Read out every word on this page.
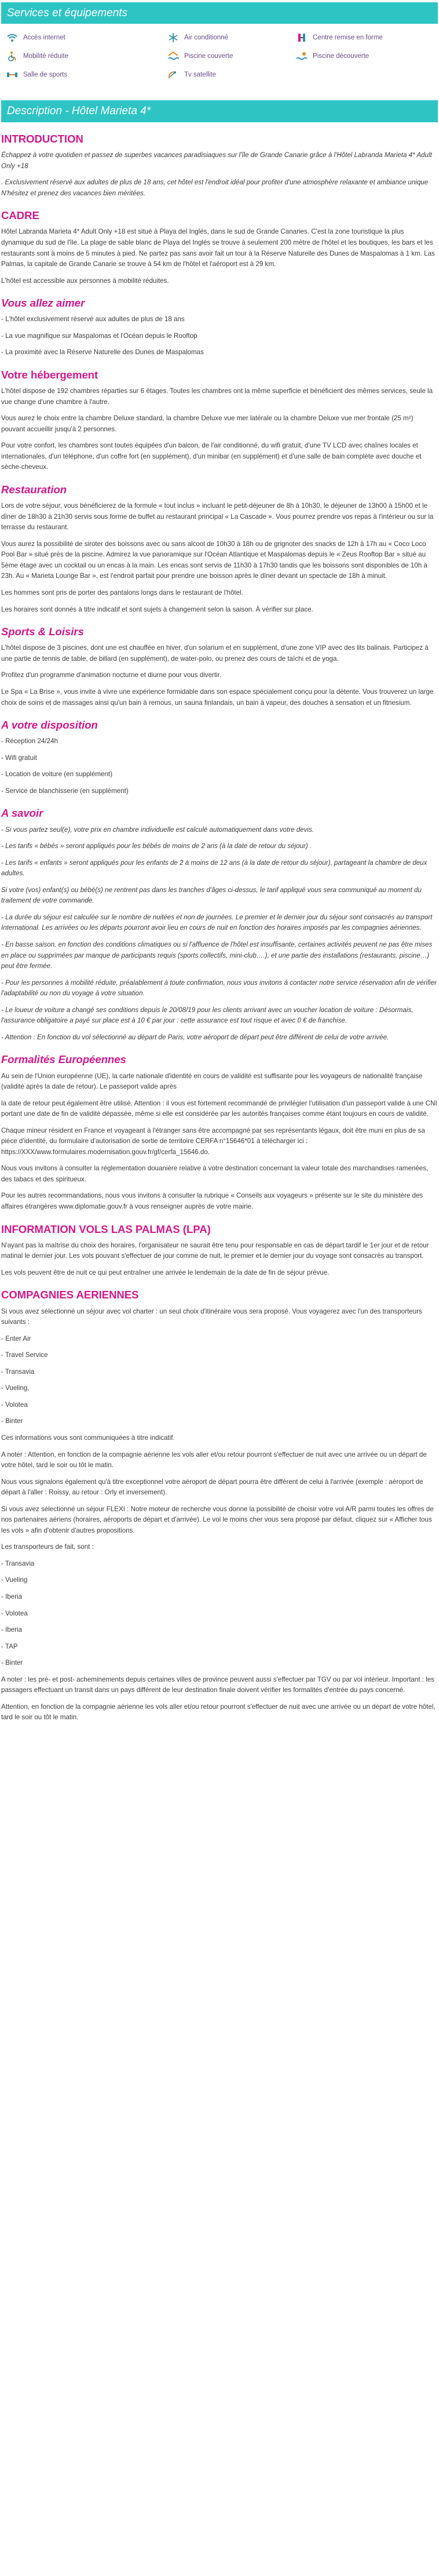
Services et équipements
Accès internet	Air conditionné	Centre remise en forme
Mobilité réduite	Piscine couverte	Piscine découverte
Salle de sports	Tv satellite
Description - Hôtel Marieta 4*
INTRODUCTION

Échappez à votre quotidien et passez de superbes vacances paradisiaques sur l'île de Grande Canarie grâce à l'Hôtel Labranda Marieta 4* Adult Only +18

. Exclusivement réservé aux adultes de plus de 18 ans, cet hôtel est l'endroit idéal pour profiter d'une atmosphère relaxante et ambiance unique N'hésitez et prenez des vacances bien méritées.

CADRE

Hôtel Labranda Marieta 4* Adult Only +18 est situé à Playa del Inglés, dans le sud de Grande Canaries. C'est la zone touristique la plus dynamique du sud de l'île. La plage de sable blanc de Playa del Inglés se trouve à seulement 200 mètre de l'hôtel et les boutiques, les bars et les restaurants sont à moins de 5 minutes à pied. Ne partez pas sans avoir fait un tour à la Réserve Naturelle des Dunes de Maspalomas à 1 km. Las Palmas, la capitale de Grande Canarie se trouve à 54 km de l'hôtel et l'aéroport est à 29 km.

L'hôtel est accessible aux personnes à mobilité réduites.

Vous allez aimer

- L'hôtel exclusivement réservé aux adultes de plus de 18 ans

- La vue magnifique sur Maspalomas et l'Océan depuis le Rooftop

- La proximité avec la Réserve Naturelle des Dunes de Maspalomas

Votre hébergement

L'hôtel dispose de 192 chambres réparties sur 6 étages. Toutes les chambres ont la même superficie et bénéficient des mêmes services, seule la vue change d'une chambre à l'autre.

Vous aurez le choix entre la chambre Deluxe standard, la chambre Deluxe vue mer latérale ou la chambre Deluxe vue mer frontale (25 m²) pouvant accueillir jusqu'à 2 personnes.

Pour votre confort, les chambres sont toutes équipées d'un balcon, de l'air conditionné, du wifi gratuit, d'une TV LCD avec chaînes locales et internationales, d'un téléphone, d'un coffre fort (en supplément), d'un minibar (en supplément) et d'une salle de bain complète avec douche et sèche-cheveux.

Restauration

Lors de votre séjour, vous bénéficierez de la formule « tout inclus » incluant le petit-déjeuner de 8h à 10h30, le déjeuner de 13h00 à 15h00 et le dîner de 18h30 à 21h30 servis sous forme de buffet au restaurant principal « La Cascade ». Vous pourrez prendre vos repas à l'intérieur ou sur la terrasse du restaurant.

Vous aurez la possibilité de siroter des boissons avec ou sans alcool de 10h30 à 18h ou de grignoter des snacks de 12h à 17h au « Coco Loco Pool Bar » situé près de la piscine. Admirez la vue panoramique sur l'Océan Atlantique et Maspalomas depuis le « Zeus Rooftop Bar » situé au 5ème étage avec un cocktail ou un encas à la main. Les encas sont servis de 11h30 à 17h30 tandis que les boissons sont disponibles de 10h à 23h. Au « Marieta Lounge Bar », est l'endroit parfait pour prendre une boisson après le dîner devant un spectacle de 18h à minuit.

Les hommes sont pris de porter des pantalons longs dans le restaurant de l'hôtel.

Les horaires sont donnés à titre indicatif et sont sujets à changement selon la saison. À vérifier sur place.

Sports & Loisirs

L'hôtel dispose de 3 piscines, dont une est chauffée en hiver, d'un solarium et en supplément, d'une zone VIP avec des lits balinais. Participez à une partie de tennis de table, de billard (en supplément), de water-polo, ou prenez des cours de taïchi et de yoga.

Profitez d'un programme d'animation nocturne et diurne pour vous divertir.

Le Spa « La Brise », vous invite à vivre une expérience formidable dans son espace spécialement conçu pour la détente. Vous trouverez un large choix de soins et de massages ainsi qu'un bain à remous, un sauna finlandais, un bain à vapeur, des douches à sensation et un fitnesium.

A votre disposition

- Réception 24/24h

- Wifi gratuit

- Location de voiture (en supplément)

- Service de blanchisserie (en supplément)

A savoir

- Si vous partez seul(e), votre prix en chambre individuelle est calculé automatiquement dans votre devis.

- Les tarifs « bébés » seront appliqués pour les bébés de moins de 2 ans (à la date de retour du séjour) .

- Les tarifs « enfants » seront appliqués pour les enfants de 2 à moins de 12 ans (à la date de retour du séjour), partageant la chambre de deux adultes.

Si votre (vos) enfant(s) ou bébé(s) ne rentrent pas dans les tranches d'âges ci-dessus, le tarif appliqué vous sera communiqué au moment du traitement de votre commande.

- La durée du séjour est calculée sur le nombre de nuitées et non de journées. Le premier et le dernier jour du séjour sont consacrés au transport International. Les arrivées ou les départs pourront avoir lieu en cours de nuit en fonction des horaires imposés par les compagnies aériennes.

- En basse saison, en fonction des conditions climatiques ou si l'affluence de l'hôtel est insuffisante, certaines activités peuvent ne pas être mises en place ou supprimées par manque de participants requis (sports collectifs, mini-club….), et une partie des installations (restaurants, piscine…) peut être fermée.

- Pour les personnes à mobilité réduite, préalablement à toute confirmation, nous vous invitons à contacter notre service réservation afin de vérifier l'adaptabilité ou non du voyage à votre situation.

- Le loueur de voiture a changé ses conditions depuis le 20/08/19 pour les clients arrivant avec un voucher location de voiture : Désormais, l'assurance obligatoire a payé sur place est à 10 € par jour : cette assurance est tout risque et avec 0 € de franchise.

- Attention : En fonction du vol sélectionné au départ de Paris, votre aéroport de départ peut être différent de celui de votre arrivée.

Formalités Européennes

Au sein de l'Union européenne (UE), la carte nationale d'identité en cours de validité est suffisante pour les voyageurs de nationalité française (validité après la date de retour). Le passeport valide après

la date de retour peut également être utilisé. Attention : il vous est fortement recommandé de privilégier l'utilisation d'un passeport valide à une CNI portant une date de fin de validité dépassée, même si elle est considérée par les autorités françaises comme étant toujours en cours de validité.

Chaque mineur résident en France et voyageant à l'étranger sans être accompagné par ses représentants légaux, doit être muni en plus de sa pièce d'identité, du formulaire d'autorisation de sortie de territoire CERFA n°15646*01 à télécharger ici : https://XXX/www.formulaires.modernisation.gouv.fr/gf/cerfa_15646.do.

Nous vous invitons à consulter la réglementation douanière relative à votre destination concernant la valeur totale des marchandises ramenées, des tabacs et des spiritueux.

Pour les autres recommandations, nous vous invitons à consulter la rubrique « Conseils aux voyageurs » présente sur le site du ministère des affaires étrangères www.diplomatie.gouv.fr à vous renseigner auprès de votre mairie.

INFORMATION VOLS LAS PALMAS (LPA)

N'ayant pas la maîtrise du choix des horaires, l'organisateur ne saurait être tenu pour responsable en cas de départ tardif le 1er jour et de retour matinal le dernier jour. Les vols pouvant s'effectuer de jour comme de nuit, le premier et le dernier jour du voyage sont consacrés au transport.

Les vols peuvent être de nuit ce qui peut entraîner une arrivée le lendemain de la date de fin de séjour prévue.

COMPAGNIES AERIENNES

Si vous avez sélectionné un séjour avec vol charter : un seul choix d'itinéraire vous sera proposé. Vous voyagerez avec l'un des transporteurs suivants :

- Enter Air

- Travel Service

- Transavia

- Vueling,

- Volotea

- Binter

Ces informations vous sont communiquées à titre indicatif.

A noter : Attention, en fonction de la compagnie aérienne les vols aller et/ou retour pourront s'effectuer de nuit avec une arrivée ou un départ de votre hôtel, tard le soir ou tôt le matin.

Nous vous signalons également qu'à titre exceptionnel votre aéroport de départ pourra être différent de celui à l'arrivée (exemple : aéroport de départ à l'aller : Roissy, au retour : Orly et inversement).

Si vous avez sélectionné un séjour FLEXI : Notre moteur de recherche vous donne la possibilité de choisir votre vol A/R parmi toutes les offres de nos partenaires aériens (horaires, aéroports de départ et d'arrivée). Le vol le moins cher vous sera proposé par défaut, cliquez sur « Afficher tous les vols » afin d'obtenir d'autres propositions.

Les transporteurs de fait, sont :

- Transavia

- Vueling

- Iberia

- Volotea

- Iberia

- TAP

- Binter

A noter : les pré- et post- acheminements depuis certaines villes de province peuvent aussi s'effectuer par TGV ou par vol intérieur. Important : les passagers effectuant un transit dans un pays différent de leur destination finale doivent vérifier les formalités d'entrée du pays concerné.

Attention, en fonction de la compagnie aérienne les vols aller et/ou retour pourront s'effectuer de nuit avec une arrivée ou un départ de votre hôtel, tard le soir ou tôt le matin.
